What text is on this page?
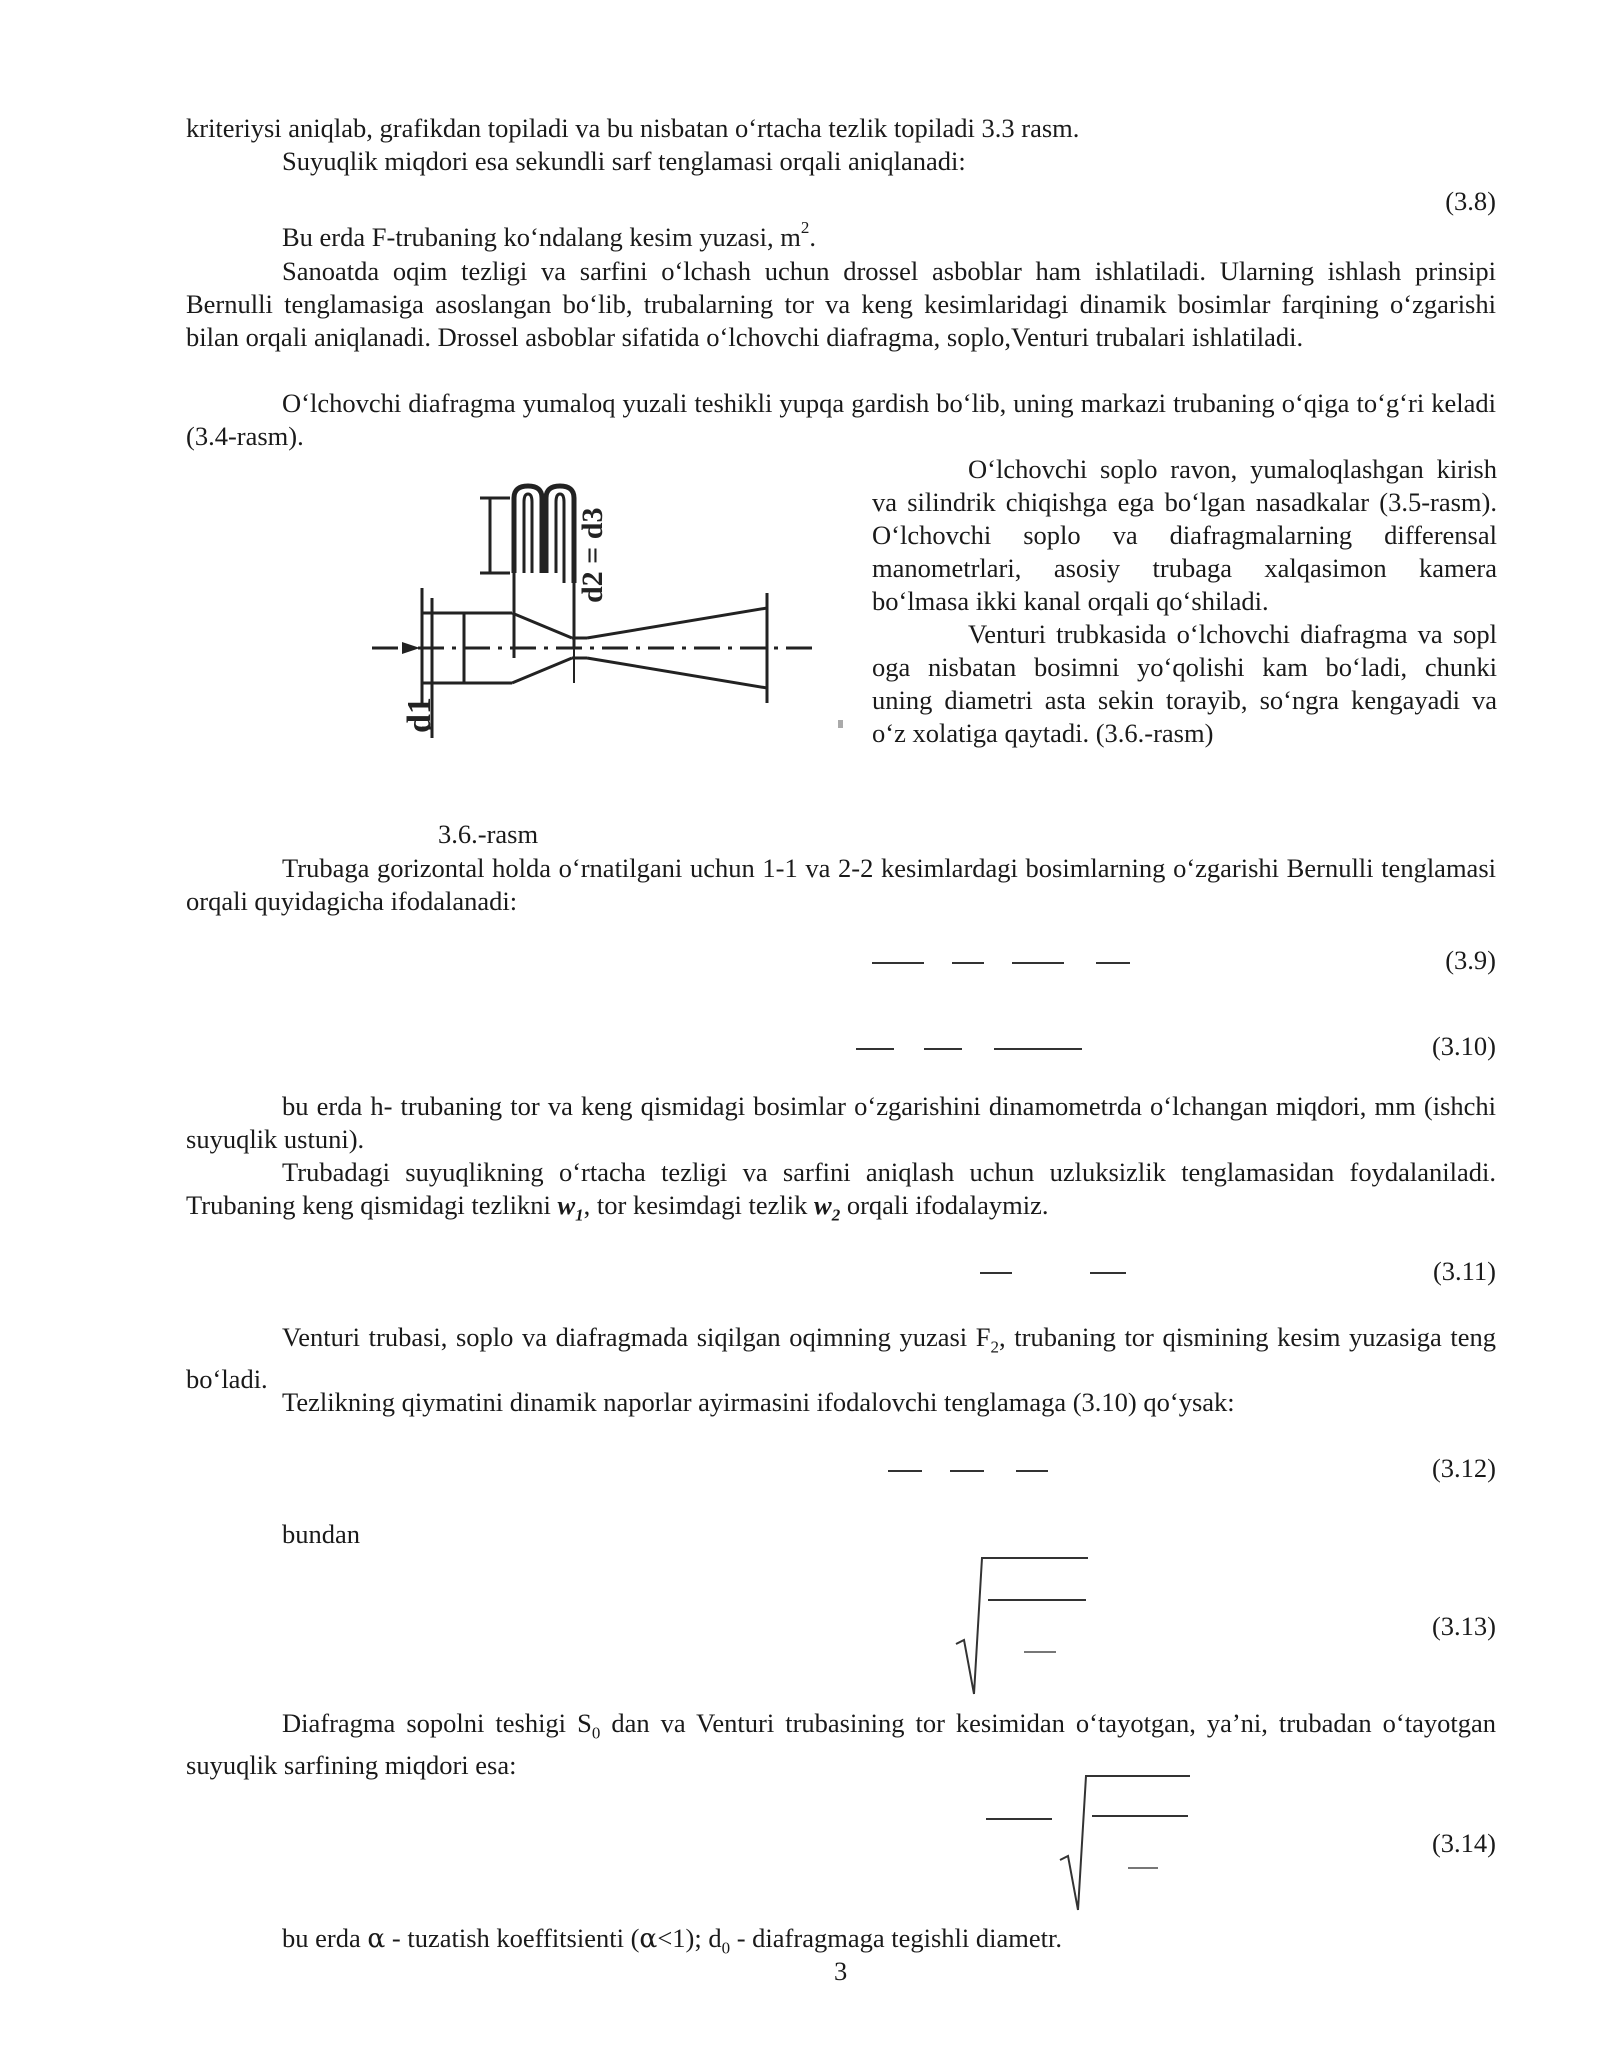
kriteriysi aniqlab, grafikdan topiladi va bu nisbatan o‘rtacha tezlik topiladi 3.3 rasm.
Suyuqlik miqdori esa sekundli sarf tenglamasi orqali aniqlanadi:
(3.8)
Bu erda F-trubaning ko‘ndalang kesim yuzasi, $m^2$.
Sanoatda oqim tezligi va sarfini o‘lchash uchun drossel asboblar ham ishlatiladi. Ularning ishlash prinsipi Bernulli tenglamasiga asoslangan bo‘lib, trubalarning tor va keng kesimlaridagi dinamik bosimlar farqining o‘zgarishi bilan orqali aniqlanadi. Drossel asboblar sifatida o‘lchovchi diafragma, soplo,Venturi trubalari ishlatiladi.
O‘lchovchi diafragma yumaloq yuzali teshikli yupqa gardish bo‘lib, uning markazi trubaning o‘qiga to‘g‘ri keladi (3.4-rasm).
d1
d2 = d3
O‘lchovchi soplo ravon, yumaloqlashgan kirish va silindrik chiqishga ega bo‘lgan nasadkalar (3.5-rasm). O‘lchovchi soplo va diafragmalarning differensal manometrlari, asosiy trubaga xalqasimon kamera bo‘lmasa ikki kanal orqali qo‘shiladi.
Venturi trubkasida o‘lchovchi diafragma va sopl oga nisbatan bosimni yo‘qolishi kam bo‘ladi, chunki uning diametri asta sekin torayib, so‘ngra kengayadi va o‘z xolatiga qaytadi. (3.6.-rasm)
3.6.-rasm
Trubaga gorizontal holda o‘rnatilgani uchun 1-1 va 2-2 kesimlardagi bosimlarning o‘zgarishi Bernulli tenglamasi orqali quyidagicha ifodalanadi:
(3.9)
(3.10)
bu erda h- trubaning tor va keng qismidagi bosimlar o‘zgarishini dinamometrda o‘lchangan miqdori, mm (ishchi suyuqlik ustuni).
Trubadagi suyuqlikning o‘rtacha tezligi va sarfini aniqlash uchun uzluksizlik tenglamasidan foydalaniladi. Trubaning keng qismidagi tezlikni $w_1$, tor kesimdagi tezlik $w_2$ orqali ifodalaymiz.
(3.11)
Venturi trubasi, soplo va diafragmada siqilgan oqimning yuzasi $F_2$, trubaning tor qismining kesim yuzasiga teng bo‘ladi.
Tezlikning qiymatini dinamik naporlar ayirmasini ifodalovchi tenglamaga (3.10) qo‘ysak:
(3.12)
bundan
(3.13)
Diafragma sopolni teshigi $S_0$ dan va Venturi trubasining tor kesimidan o‘tayotgan, ya’ni, trubadan o‘tayotgan suyuqlik sarfining miqdori esa:
(3.14)
bu erda α - tuzatish koeffitsienti (α<1); $d_0$ - diafragmaga tegishli diametr.
3
